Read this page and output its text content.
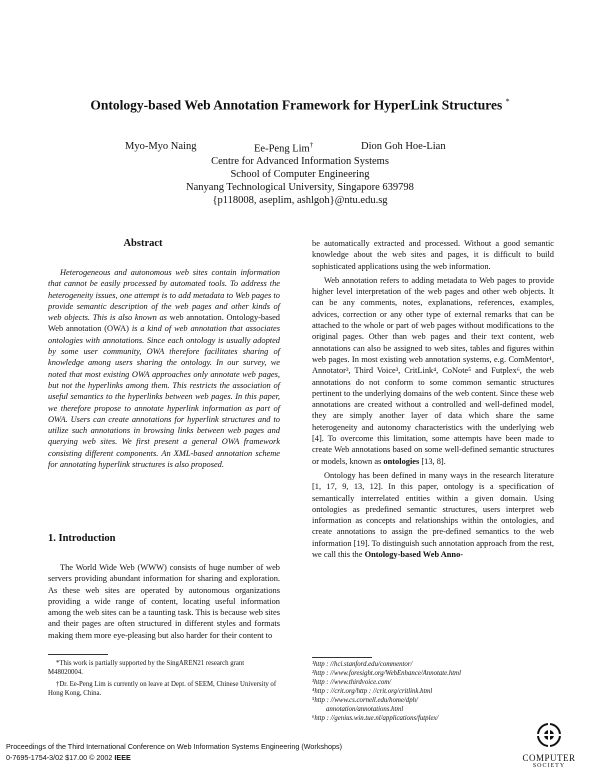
Ontology-based Web Annotation Framework for HyperLink Structures *
Myo-Myo Naing	Ee-Peng Lim†	Dion Goh Hoe-Lian
Centre for Advanced Information Systems
School of Computer Engineering
Nanyang Technological University, Singapore 639798
{p118008, aseplim, ashlgoh}@ntu.edu.sg
Abstract

Heterogeneous and autonomous web sites contain information that cannot be easily processed by automated tools. To address the heterogeneity issues, one attempt is to add metadata to Web pages to provide semantic description of the web pages and other kinds of web objects. This is also known as web annotation. Ontology-based Web annotation (OWA) is a kind of web annotation that associates ontologies with annotations. Since each ontology is usually adopted by some user community, OWA therefore facilitates sharing of knowledge among users sharing the ontology. In our survey, we noted that most existing OWA approaches only annotate web pages, but not the hyperlinks among them. This restricts the association of useful semantics to the hyperlinks between web pages. In this paper, we therefore propose to annotate hyperlink information as part of OWA. Users can create annotations for hyperlink structures and to utilize such annotations in browsing links between web pages and querying web sites. We first present a general OWA framework consisting different components. An XML-based annotation scheme for annotating hyperlink structures is also proposed.

1. Introduction

The World Wide Web (WWW) consists of huge number of web servers providing abundant information for sharing and exploration. As these web sites are operated by autonomous organizations providing a wide range of content, locating useful information among the web sites can be a taunting task. This is because web sites and their pages are often structured in different styles and formats making them more eye-pleasing but also harder for their content to

*This work is partially supported by the SingAREN21 research grant M48020004.

†Dr. Ee-Peng Lim is currently on leave at Dept. of SEEM, Chinese University of Hong Kong, China.

be automatically extracted and processed. Without a good semantic knowledge about the web sites and pages, it is difficult to build sophisticated applications using the web information.

Web annotation refers to adding metadata to Web pages to provide higher level interpretation of the web pages and other web objects. It can be any comments, notes, explanations, references, examples, advices, correction or any other type of external remarks that can be attached to the whole or part of web pages without modifications to the original pages. Other than web pages and their text content, web annotations can also be assigned to web sites, tables and figures within web pages. In most existing web annotation systems, e.g. ComMentor¹, Annotator², Third Voice³, CritLink⁴, CoNote⁵ and Futplex⁶, the web annotations do not conform to some common semantic structures pertinent to the underlying domains of the web content. Since these web annotations are created without a controlled and well-defined model, they are simply another layer of data which share the same heterogeneity and autonomy characteristics with the underlying web [4]. To overcome this limitation, some attempts have been made to create Web annotations based on some well-defined semantic structures or models, known as ontologies [13, 8].

Ontology has been defined in many ways in the research literature [1, 17, 9, 13, 12]. In this paper, ontology is a specification of semantically interrelated entities within a given domain. Using ontologies as predefined semantic structures, users interpret web information as concepts and relationships within the ontologies, and create annotations to assign the pre-defined semantics to the web information [19]. To distinguish such annotation approach from the rest, we call this the Ontology-based Web Anno-

¹http : //hci.stanford.edu/commentor/
²http : //www.foresight.org/WebEnhance/Annotate.html
³http : //www.thirdvoice.com/
⁴http : //crit.org/http : //crit.org/critlink.html
⁵http : //www.cs.cornell.edu/home/dph/
annotation/annotations.html
⁶http : //genius.win.tue.nl/applications/futplex/
Proceedings of the Third International Conference on Web Information Systems Engineering (Workshops)
0-7695-1754-3/02 $17.00 © 2002 IEEE	COMPUTER
SOCIETY
